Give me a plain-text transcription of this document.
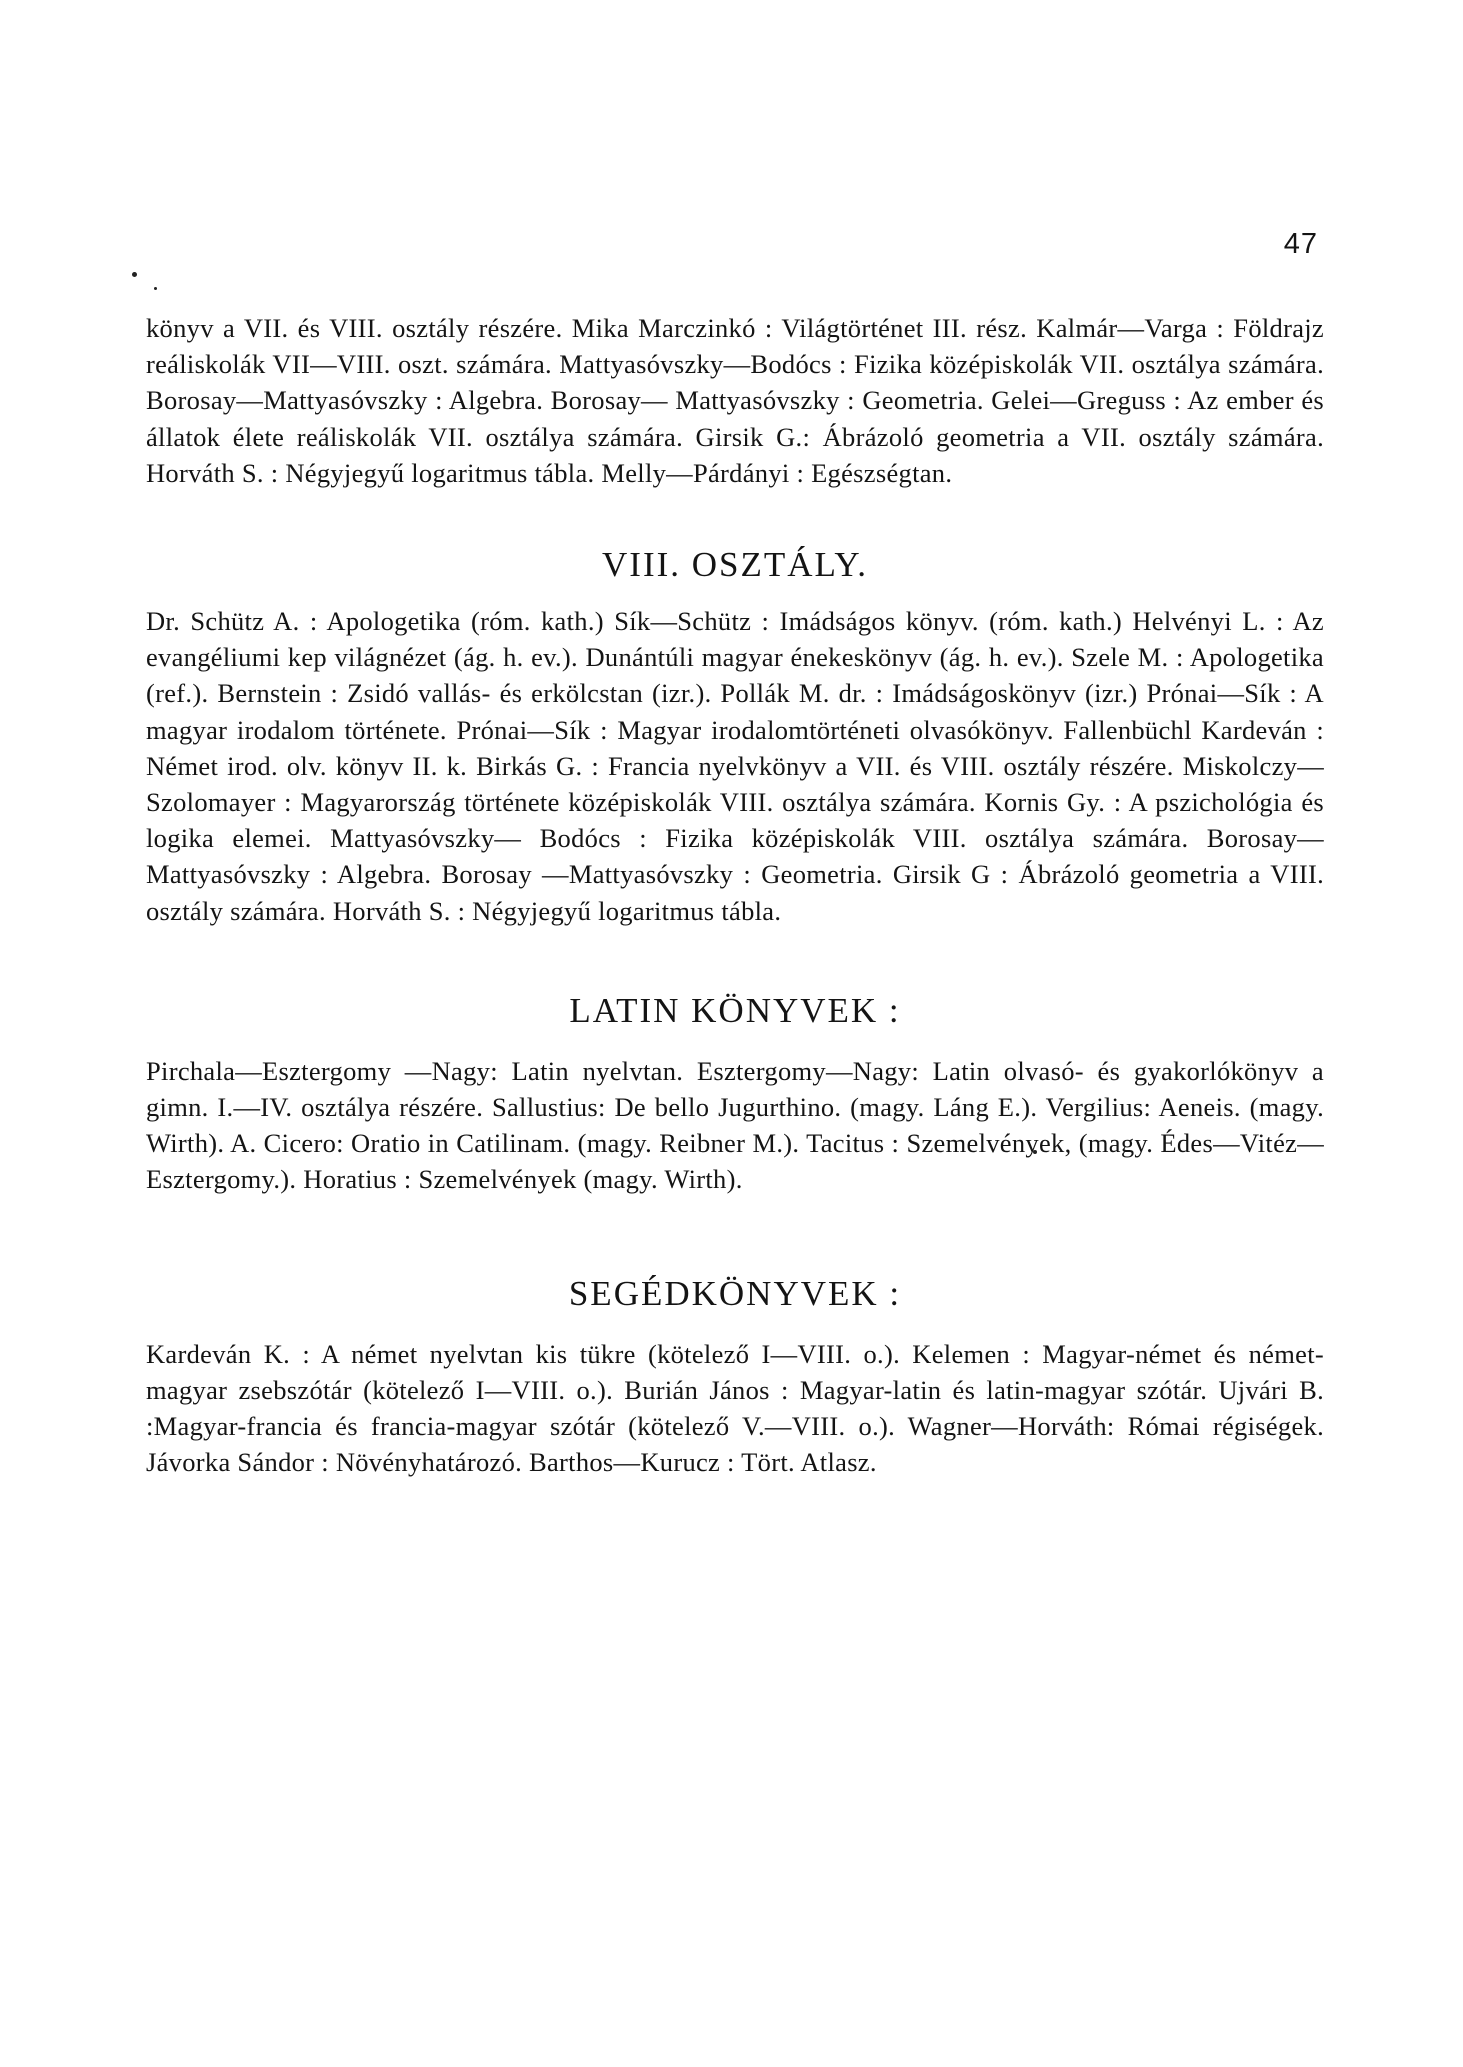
47

könyv a VII. és VIII. osztály részére. Mika Marczinkó : Világtörténet III. rész. Kalmár—Varga : Földrajz reáliskolák VII—VIII. oszt. számára. Mattyasóvszky—Bodócs : Fizika középiskolák VII. osztálya számára. Borosay—Mattyasóvszky : Algebra. Borosay— Mattyasóvszky : Geometria. Gelei—Greguss : Az ember és állatok élete reáliskolák VII. osztálya számára. Girsik G.: Ábrázoló geometria a VII. osztály számára. Horváth S. : Négyjegyű logaritmus tábla. Melly—Párdányi : Egészségtan.

VIII. OSZTÁLY.

Dr. Schütz A. : Apologetika (róm. kath.) Sík—Schütz : Imádságos könyv. (róm. kath.) Helvényi L. : Az evangéliumi kep világnézet (ág. h. ev.). Dunántúli magyar énekeskönyv (ág. h. ev.). Szele M. : Apologetika (ref.). Bernstein : Zsidó vallás- és erkölcstan (izr.). Pollák M. dr. : Imádságoskönyv (izr.) Prónai—Sík : A magyar irodalom története. Prónai—Sík : Magyar irodalomtörténeti olvasókönyv. Fallenbüchl Kardeván : Német irod. olv. könyv II. k. Birkás G. : Francia nyelvkönyv a VII. és VIII. osztály részére. Miskolczy—Szolomayer : Magyarország története középiskolák VIII. osztálya számára. Kornis Gy. : A pszichológia és logika elemei. Mattyasóvszky— Bodócs : Fizika középiskolák VIII. osztálya számára. Borosay—Mattyasóvszky : Algebra. Borosay —Mattyasóvszky : Geometria. Girsik G : Ábrázoló geometria a VIII. osztály számára. Horváth S. : Négyjegyű logaritmus tábla.

LATIN KÖNYVEK :

Pirchala—Esztergomy —Nagy: Latin nyelvtan. Esztergomy—Nagy: Latin olvasó- és gyakorlókönyv a gimn. I.—IV. osztálya részére. Sallustius: De bello Jugurthino. (magy. Láng E.). Vergilius: Aeneis. (magy. Wirth). A. Cicero: Oratio in Catilinam. (magy. Reibner M.). Tacitus : Szemelvények, (magy. Édes—Vitéz—Esztergomy.). Horatius : Szemelvények (magy. Wirth).

SEGÉDKÖNYVEK :

Kardeván K. : A német nyelvtan kis tükre (kötelező I—VIII. o.). Kelemen : Magyar-német és német-magyar zsebszótár (kötelező I—VIII. o.). Burián János : Magyar-latin és latin-magyar szótár. Ujvári B. :Magyar-francia és francia-magyar szótár (kötelező V.—VIII. o.). Wagner—Horváth: Római régiségek. Jávorka Sándor : Növényhatározó. Barthos—Kurucz : Tört. Atlasz.
